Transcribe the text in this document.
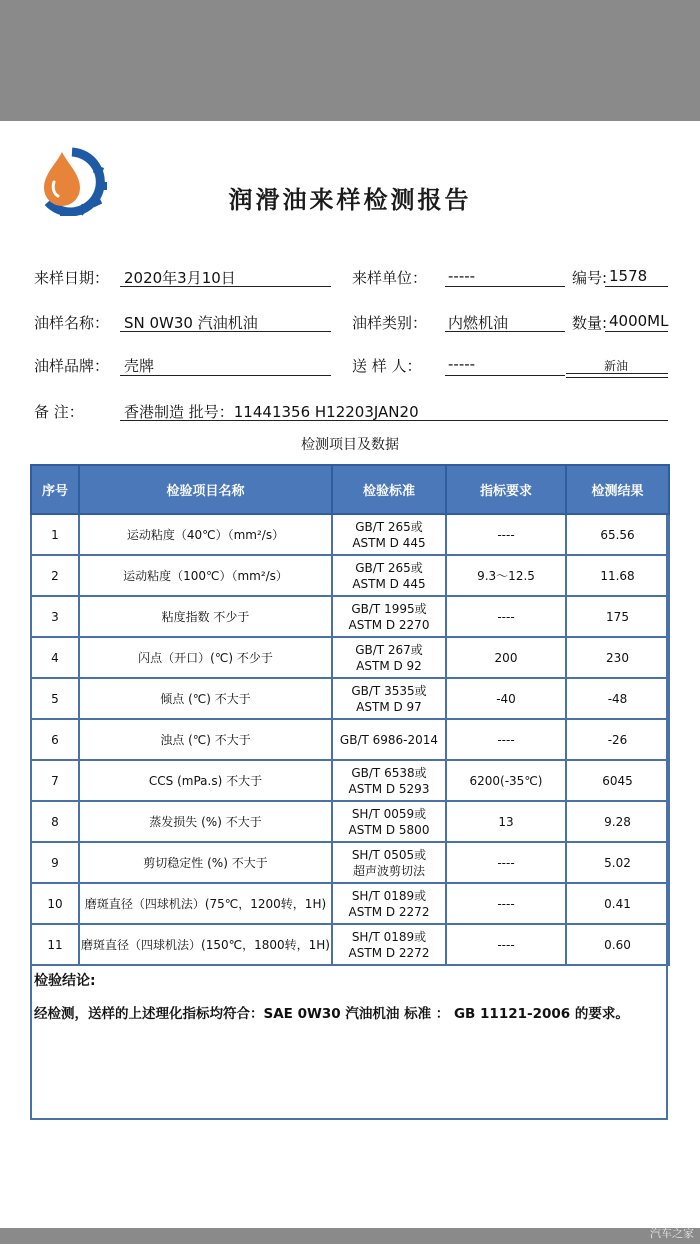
润滑油来样检测报告
来样日期： 2020年3月10日	来样单位： -----	编号: 1578
油样名称： SN 0W30 汽油机油	油样类别： 内燃机油	数量: 4000ML
油样品牌： 壳牌	送 样 人： -----	新油
备 注：	香港制造 批号：11441356 H12203JAN20
检测项目及数据
序号	检验项目名称	检验标准	指标要求	检测结果
1	运动粘度（40℃）（mm²/s）	GB/T 265或
ASTM D 445	----	65.56
2	运动粘度（100℃）（mm²/s）	GB/T 265或
ASTM D 445	9.3～12.5	11.68
3	粘度指数 不少于	GB/T 1995或
ASTM D 2270	----	175
4	闪点（开口）(℃) 不少于	GB/T 267或
ASTM D 92	200	230
5	倾点 (℃) 不大于	GB/T 3535或
ASTM D 97	-40	-48
6	浊点 (℃) 不大于	GB/T 6986-2014	----	-26
7	CCS (mPa.s) 不大于	GB/T 6538或
ASTM D 5293	6200(-35℃)	6045
8	蒸发损失 (%) 不大于	SH/T 0059或
ASTM D 5800	13	9.28
9	剪切稳定性 (%) 不大于	SH/T 0505或
超声波剪切法	----	5.02
10	磨斑直径（四球机法）(75℃，1200转，1H)	SH/T 0189或
ASTM D 2272	----	0.41
11	磨斑直径（四球机法）(150℃，1800转，1H)	SH/T 0189或
ASTM D 2272	----	0.60
检验结论:
经检测，送样的上述理化指标均符合：SAE 0W30 汽油机油 标准 ： GB 11121-2006 的要求。
汽车之家
